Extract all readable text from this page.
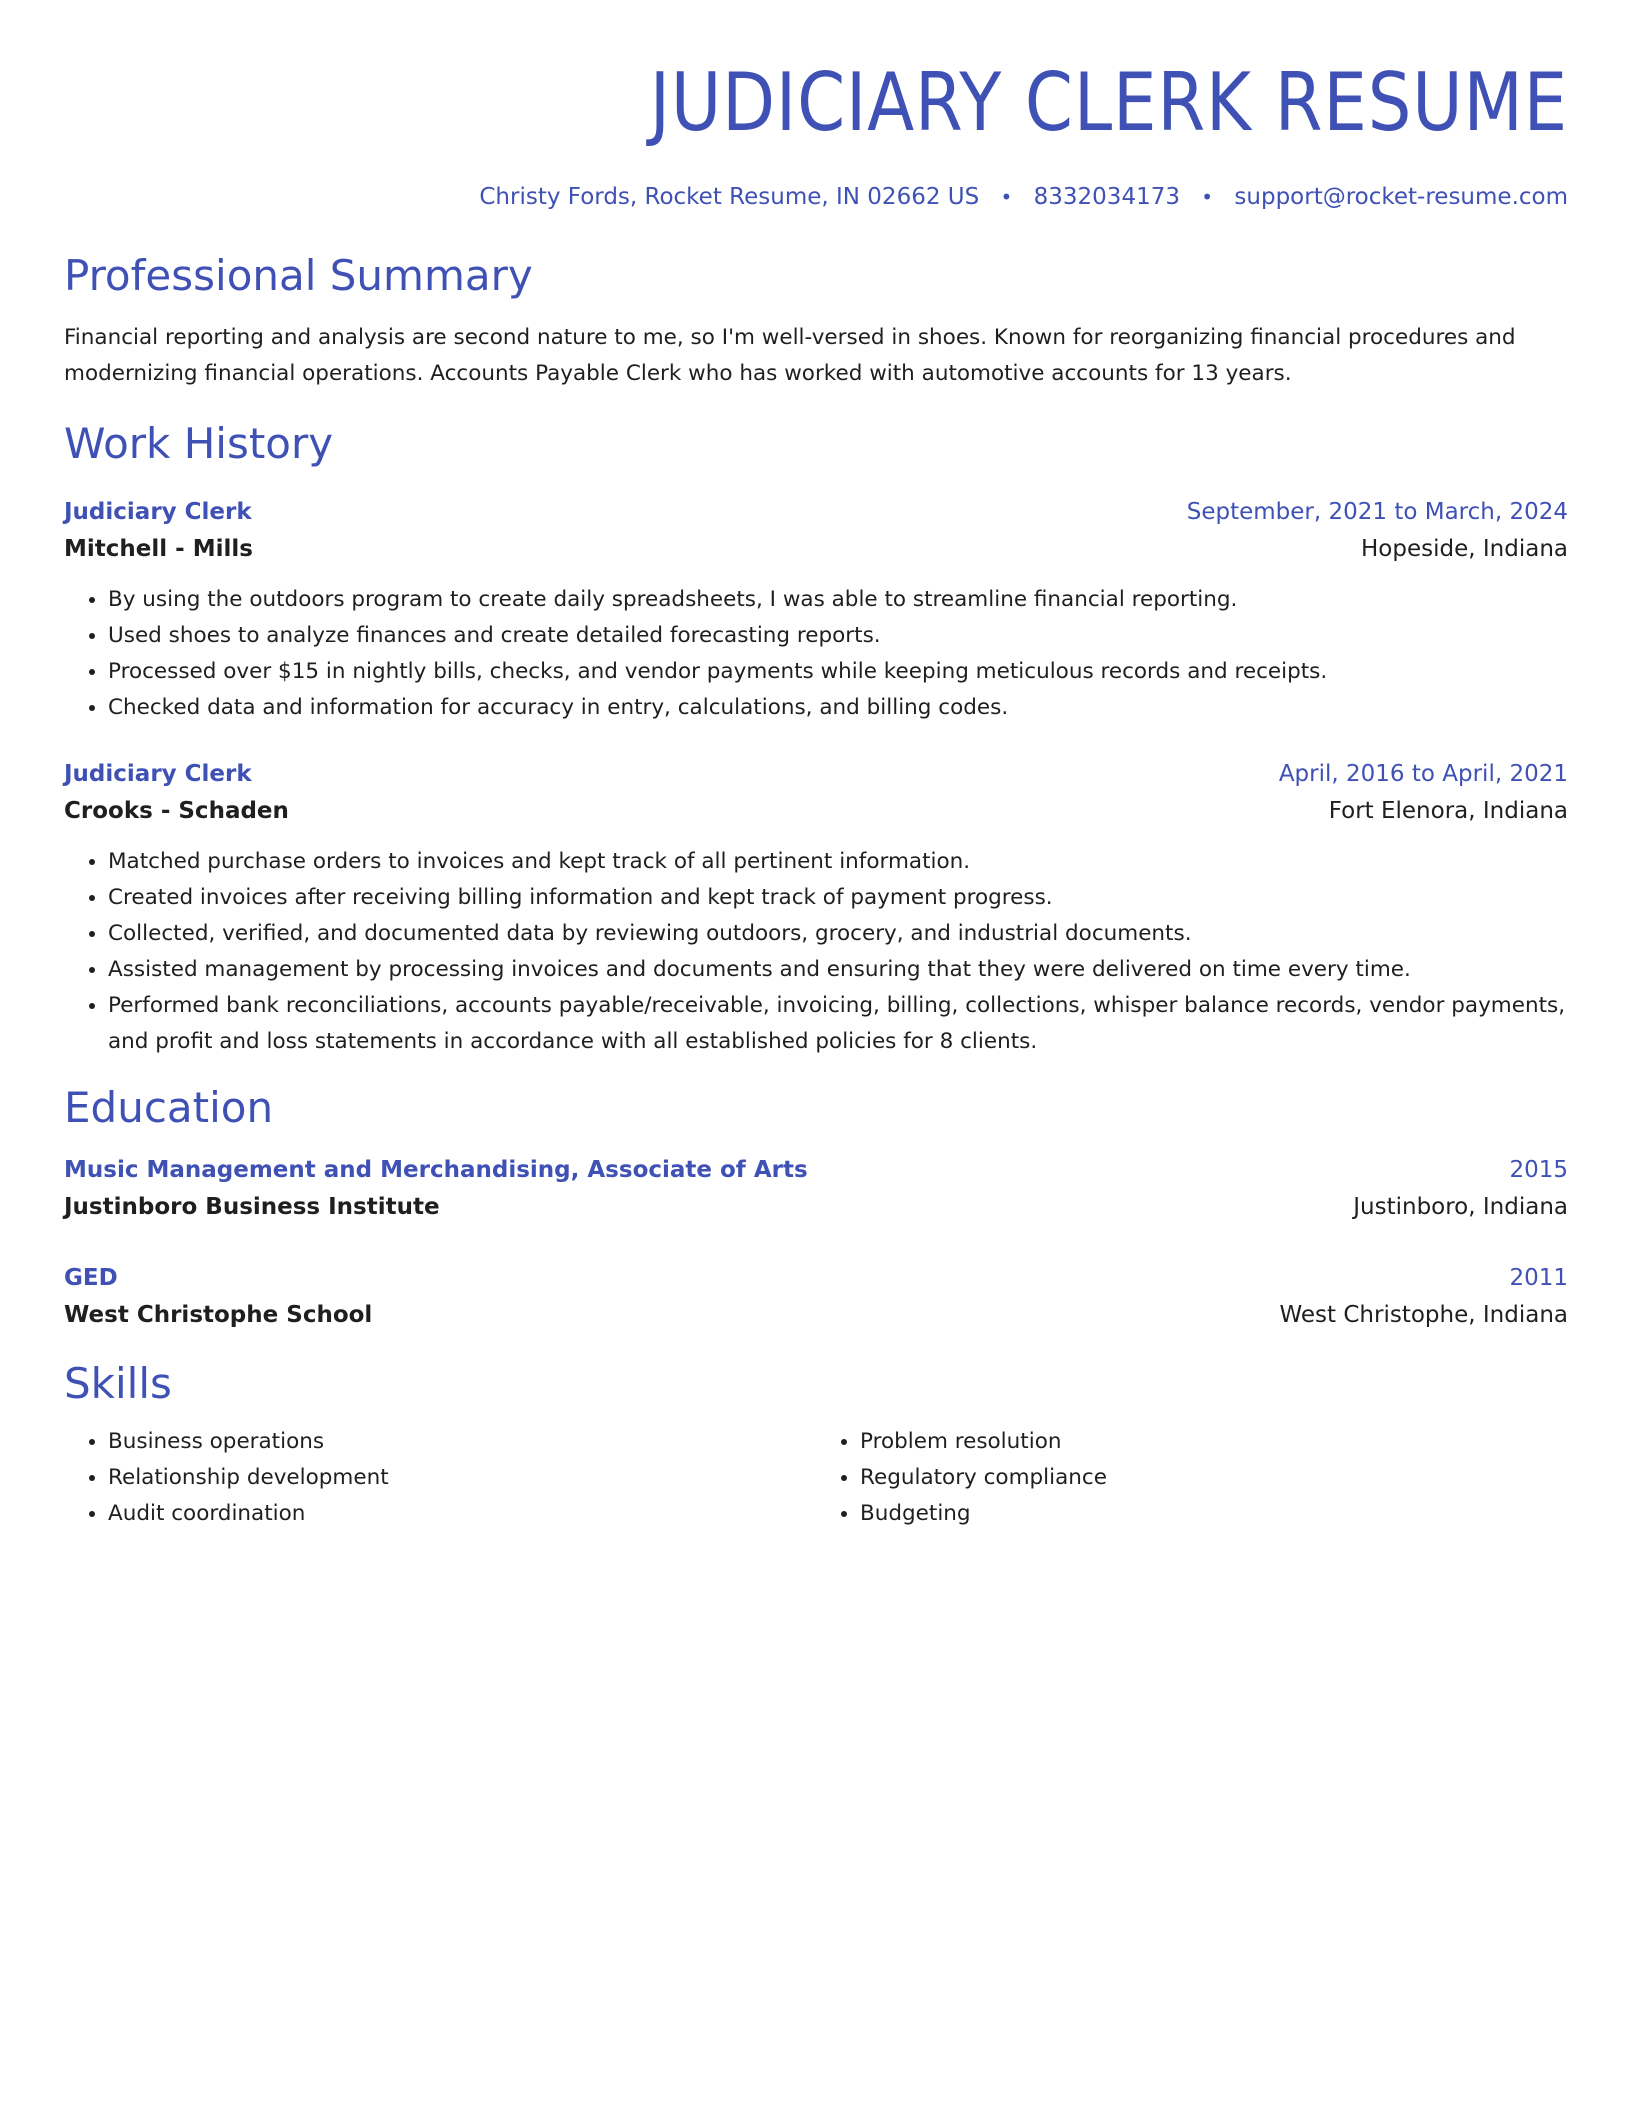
JUDICIARY CLERK RESUME
Christy Fords, Rocket Resume, IN 02662 US • 8332034173 • support@rocket-resume.com
Professional Summary

Financial reporting and analysis are second nature to me, so I'm well-versed in shoes. Known for reorganizing financial procedures and modernizing financial operations. Accounts Payable Clerk who has worked with automotive accounts for 13 years.

Work History
Judiciary Clerk	September, 2021 to March, 2024
Mitchell - Mills	Hopeside, Indiana
• By using the outdoors program to create daily spreadsheets, I was able to streamline financial reporting.
• Used shoes to analyze finances and create detailed forecasting reports.
• Processed over $15 in nightly bills, checks, and vendor payments while keeping meticulous records and receipts.
• Checked data and information for accuracy in entry, calculations, and billing codes.
Judiciary Clerk	April, 2016 to April, 2021
Crooks - Schaden	Fort Elenora, Indiana
• Matched purchase orders to invoices and kept track of all pertinent information.
• Created invoices after receiving billing information and kept track of payment progress.
• Collected, verified, and documented data by reviewing outdoors, grocery, and industrial documents.
• Assisted management by processing invoices and documents and ensuring that they were delivered on time every time.
• Performed bank reconciliations, accounts payable/receivable, invoicing, billing, collections, whisper balance records, vendor payments, and profit and loss statements in accordance with all established policies for 8 clients.
Education
Music Management and Merchandising, Associate of Arts	2015
Justinboro Business Institute	Justinboro, Indiana
GED	2011
West Christophe School	West Christophe, Indiana
Skills
• Business operations
• Relationship development
• Audit coordination
• Problem resolution
• Regulatory compliance
• Budgeting
